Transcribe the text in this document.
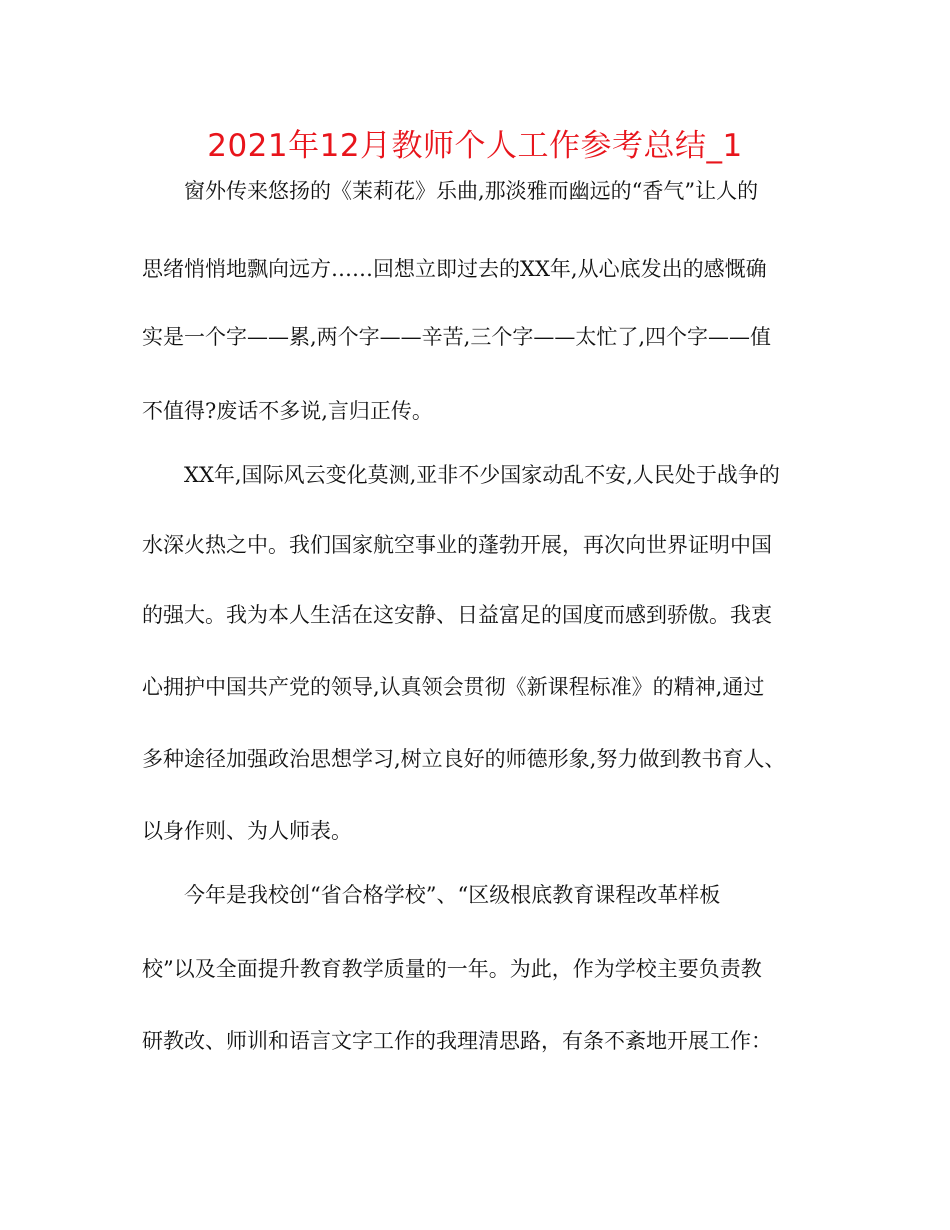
2021年12月教师个人工作参考总结_1
窗外传来悠扬的《茉莉花》乐曲,那淡雅而幽远的“香气”让人的
思绪悄悄地飘向远方……回想立即过去的XX年,从心底发出的感慨确
实是一个字——累,两个字——辛苦,三个字——太忙了,四个字——值
不值得?废话不多说,言归正传。
XX年,国际风云变化莫测,亚非不少国家动乱不安,人民处于战争的
水深火热之中。我们国家航空事业的蓬勃开展，再次向世界证明中国
的强大。我为本人生活在这安静、日益富足的国度而感到骄傲。我衷
心拥护中国共产党的领导,认真领会贯彻《新课程标准》的精神,通过
多种途径加强政治思想学习,树立良好的师德形象,努力做到教书育人、
以身作则、为人师表。
今年是我校创“省合格学校”、“区级根底教育课程改革样板
校”以及全面提升教育教学质量的一年。为此，作为学校主要负责教
研教改、师训和语言文字工作的我理清思路，有条不紊地开展工作：
